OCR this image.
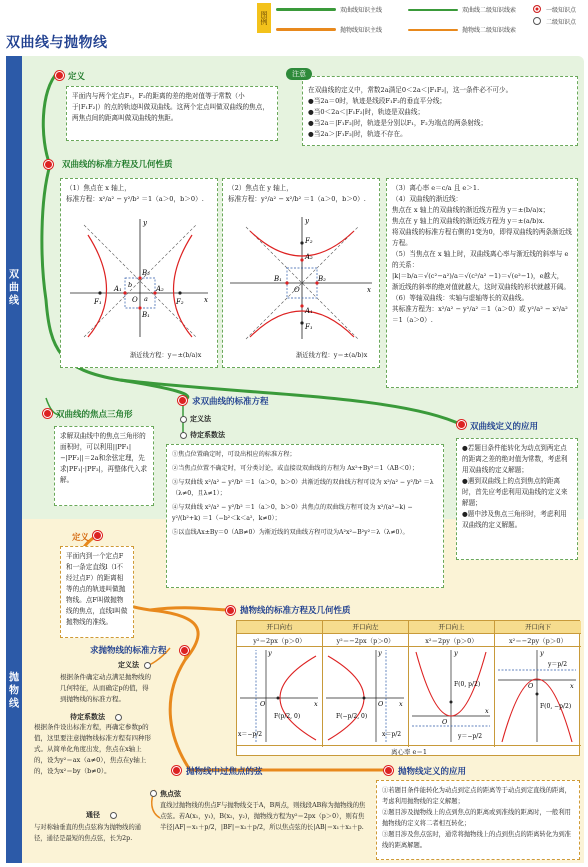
双曲线与抛物线
图例
双曲线知识主线	双曲线二级知识线索
抛物线知识主线	抛物线二级知识线索
一级知识点
二级知识点
双曲线
抛物线
定义
平面内与两个定点F₁，F₂的距离的差的绝对值等于常数（小于|F₁F₂|）的点的轨迹叫做双曲线。这两个定点叫做双曲线的焦点，两焦点间的距离叫做双曲线的焦距。
在双曲线的定义中，常数2a满足0＜2a＜|F₁F₂|，这一条件必不可少。
●当2a＝0时，轨迹是线段F₁F₂的垂直平分线；
●当0＜2a＜|F₁F₂|时，轨迹是双曲线；
●当2a＝|F₁F₂|时，轨迹是分别以F₁，F₂为端点的两条射线；
●当2a＞|F₁F₂|时，轨迹不存在。
注意
双曲线的标准方程及几何性质
（1）焦点在 x 轴上，
标准方程：x²/a² − y²/b² ＝1（a＞0，b＞0）.
x
y
O
F₁	F₂
A₁	A₂
B₁
B₂
b
a
渐近线方程：y＝±(b/a)x
（2）焦点在 y 轴上，
标准方程：y²/a² − x²/b² ＝1（a＞0，b＞0）.
x
y
O
F₂
F₁
A₂
A₁
B₁	B₂
渐近线方程：y＝±(a/b)x
（3）离心率 e＝c/a 且 e＞1.
（4）双曲线的渐近线：
焦点在 x 轴上的双曲线的渐近线方程为 y＝±(b/a)x；
焦点在 y 轴上的双曲线的渐近线方程为 y＝±(a/b)x.
将双曲线的标准方程右侧的1变为0，即得双曲线的两条渐近线方程。
（5）当焦点在 x 轴上时，双曲线离心率与渐近线的斜率与 e 的关系：
|k|＝b/a＝√(c²−a²)/a＝√(c²/a² −1)＝√(e²−1)，e越大，
渐近线的斜率的绝对值就越大，这时双曲线的形状就越开阔。
（6）等轴双曲线：实轴与虚轴等长的双曲线。
其标准方程为：x²/a² − y²/a² ＝1（a＞0）或 y²/a² − x²/a² ＝1（a＞0）.
双曲线的焦点三角形
求解双曲线中的焦点三角形的面积时，可以利用||PF₁|−|PF₂||＝2a和余弦定理，先求|PF₁|·|PF₂|，再整体代入求解。
求双曲线的标准方程
定义法
待定系数法
①焦点位置确定时，可设出相应的标准方程；
②当焦点位置不确定时，可分类讨论，或直接设双曲线的方程为 Ax²+By²＝1（AB＜0）；
③与双曲线 x²/a² − y²/b² ＝1（a＞0，b＞0）共渐近线的双曲线方程可设为 x²/a² − y²/b² ＝λ（λ≠0，且λ≠1）；
④与双曲线 x²/a² − y²/b² ＝1（a＞0，b＞0）共焦点的双曲线方程可设为 x²/(a²−k) − y²/(b²+k) ＝1（−b²＜k＜a²，k≠0）；
⑤以直线Ax±By＝0（AB≠0）为渐近线的双曲线方程可设为A²x²−B²y²＝λ（λ≠0）。
双曲线定义的应用
●若题目条件能转化为动点到两定点的距离之差的绝对值为常数，考虑利用双曲线的定义解题；
●遇到双曲线上的点到焦点的距离时，首先应考虑利用双曲线的定义来解题；
●题中涉及焦点三角形时，考虑利用双曲线的定义解题。
定义
平面内到一个定点F和一条定直线l（l不经过点F）的距离相等的点的轨迹叫做抛物线。点F叫做抛物线的焦点，直线l叫做抛物线的准线。
求抛物线的标准方程
定义法
根据条件确定动点满足抛物线的几何特征，从而确定p的值，得到抛物线的标准方程。
待定系数法
根据条件设出标准方程，再确定参数p的值，这里要注意抛物线标准方程有四种形式。从简单化角度出发，焦点在x轴上的，设为y²＝ax（a≠0），焦点在y轴上的，设为x²＝by（b≠0）。
抛物线的标准方程及几何性质
开口向右	开口向左	开口向上	开口向下
y²＝2px（p＞0）	y²＝−2px（p＞0）	x²＝2py（p＞0）	x²＝−2py（p＞0）
离心率 e＝1
x
y
O
F(p/2, 0)
x＝−p/2
x
y
O
F(−p/2, 0)
x＝p/2
x
y
O
F(0, p/2)
y＝−p/2
x
y
O
F(0, −p/2)
y＝p/2
抛物线中过焦点的弦
焦点弦
直线过抛物线的焦点F与抛物线交于A，B两点，则线段AB称为抛物线的焦点弦。若A(x₁，y₁)，B(x₂，y₂)，抛物线方程为y²＝2px（p＞0），则有焦半径|AF|＝x₁＋p/2，|BF|＝x₂＋p/2，所以焦点弦的长|AB|＝x₁＋x₂＋p.
通径
与对称轴垂直的焦点弦称为抛物线的通径，通径是最短的焦点弦，长为2p.
抛物线定义的应用
①若题目条件能转化为动点到定点的距离等于动点到定直线的距离，考虑利用抛物线的定义解题；
②题目涉及抛物线上的点到焦点的距离或到准线的距离时，一般利用抛物线的定义将二者相互转化；
③题目涉及焦点弦时，通常将抛物线上的点到焦点的距离转化为到准线的距离解题。
